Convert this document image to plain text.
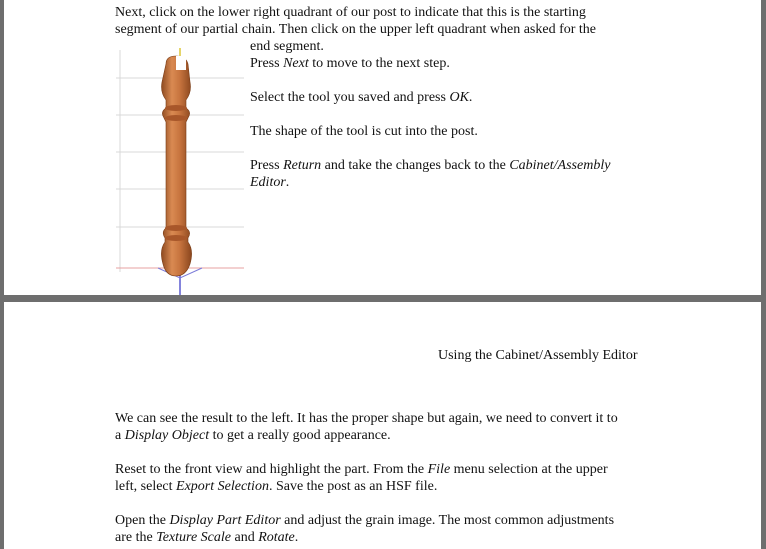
Next, click on the lower right quadrant of our post to indicate that this is the starting
segment of our partial chain. Then click on the upper left quadrant when asked for the
end segment.
Press Next to move to the next step.
Select the tool you saved and press OK.
The shape of the tool is cut into the post.
Press Return and take the changes back to the Cabinet/Assembly
Editor.
Using the Cabinet/Assembly Editor
We can see the result to the left. It has the proper shape but again, we need to convert it to
a Display Object to get a really good appearance.
Reset to the front view and highlight the part. From the File menu selection at the upper
left, select Export Selection. Save the post as an HSF file.
Open the Display Part Editor and adjust the grain image. The most common adjustments
are the Texture Scale and Rotate.
